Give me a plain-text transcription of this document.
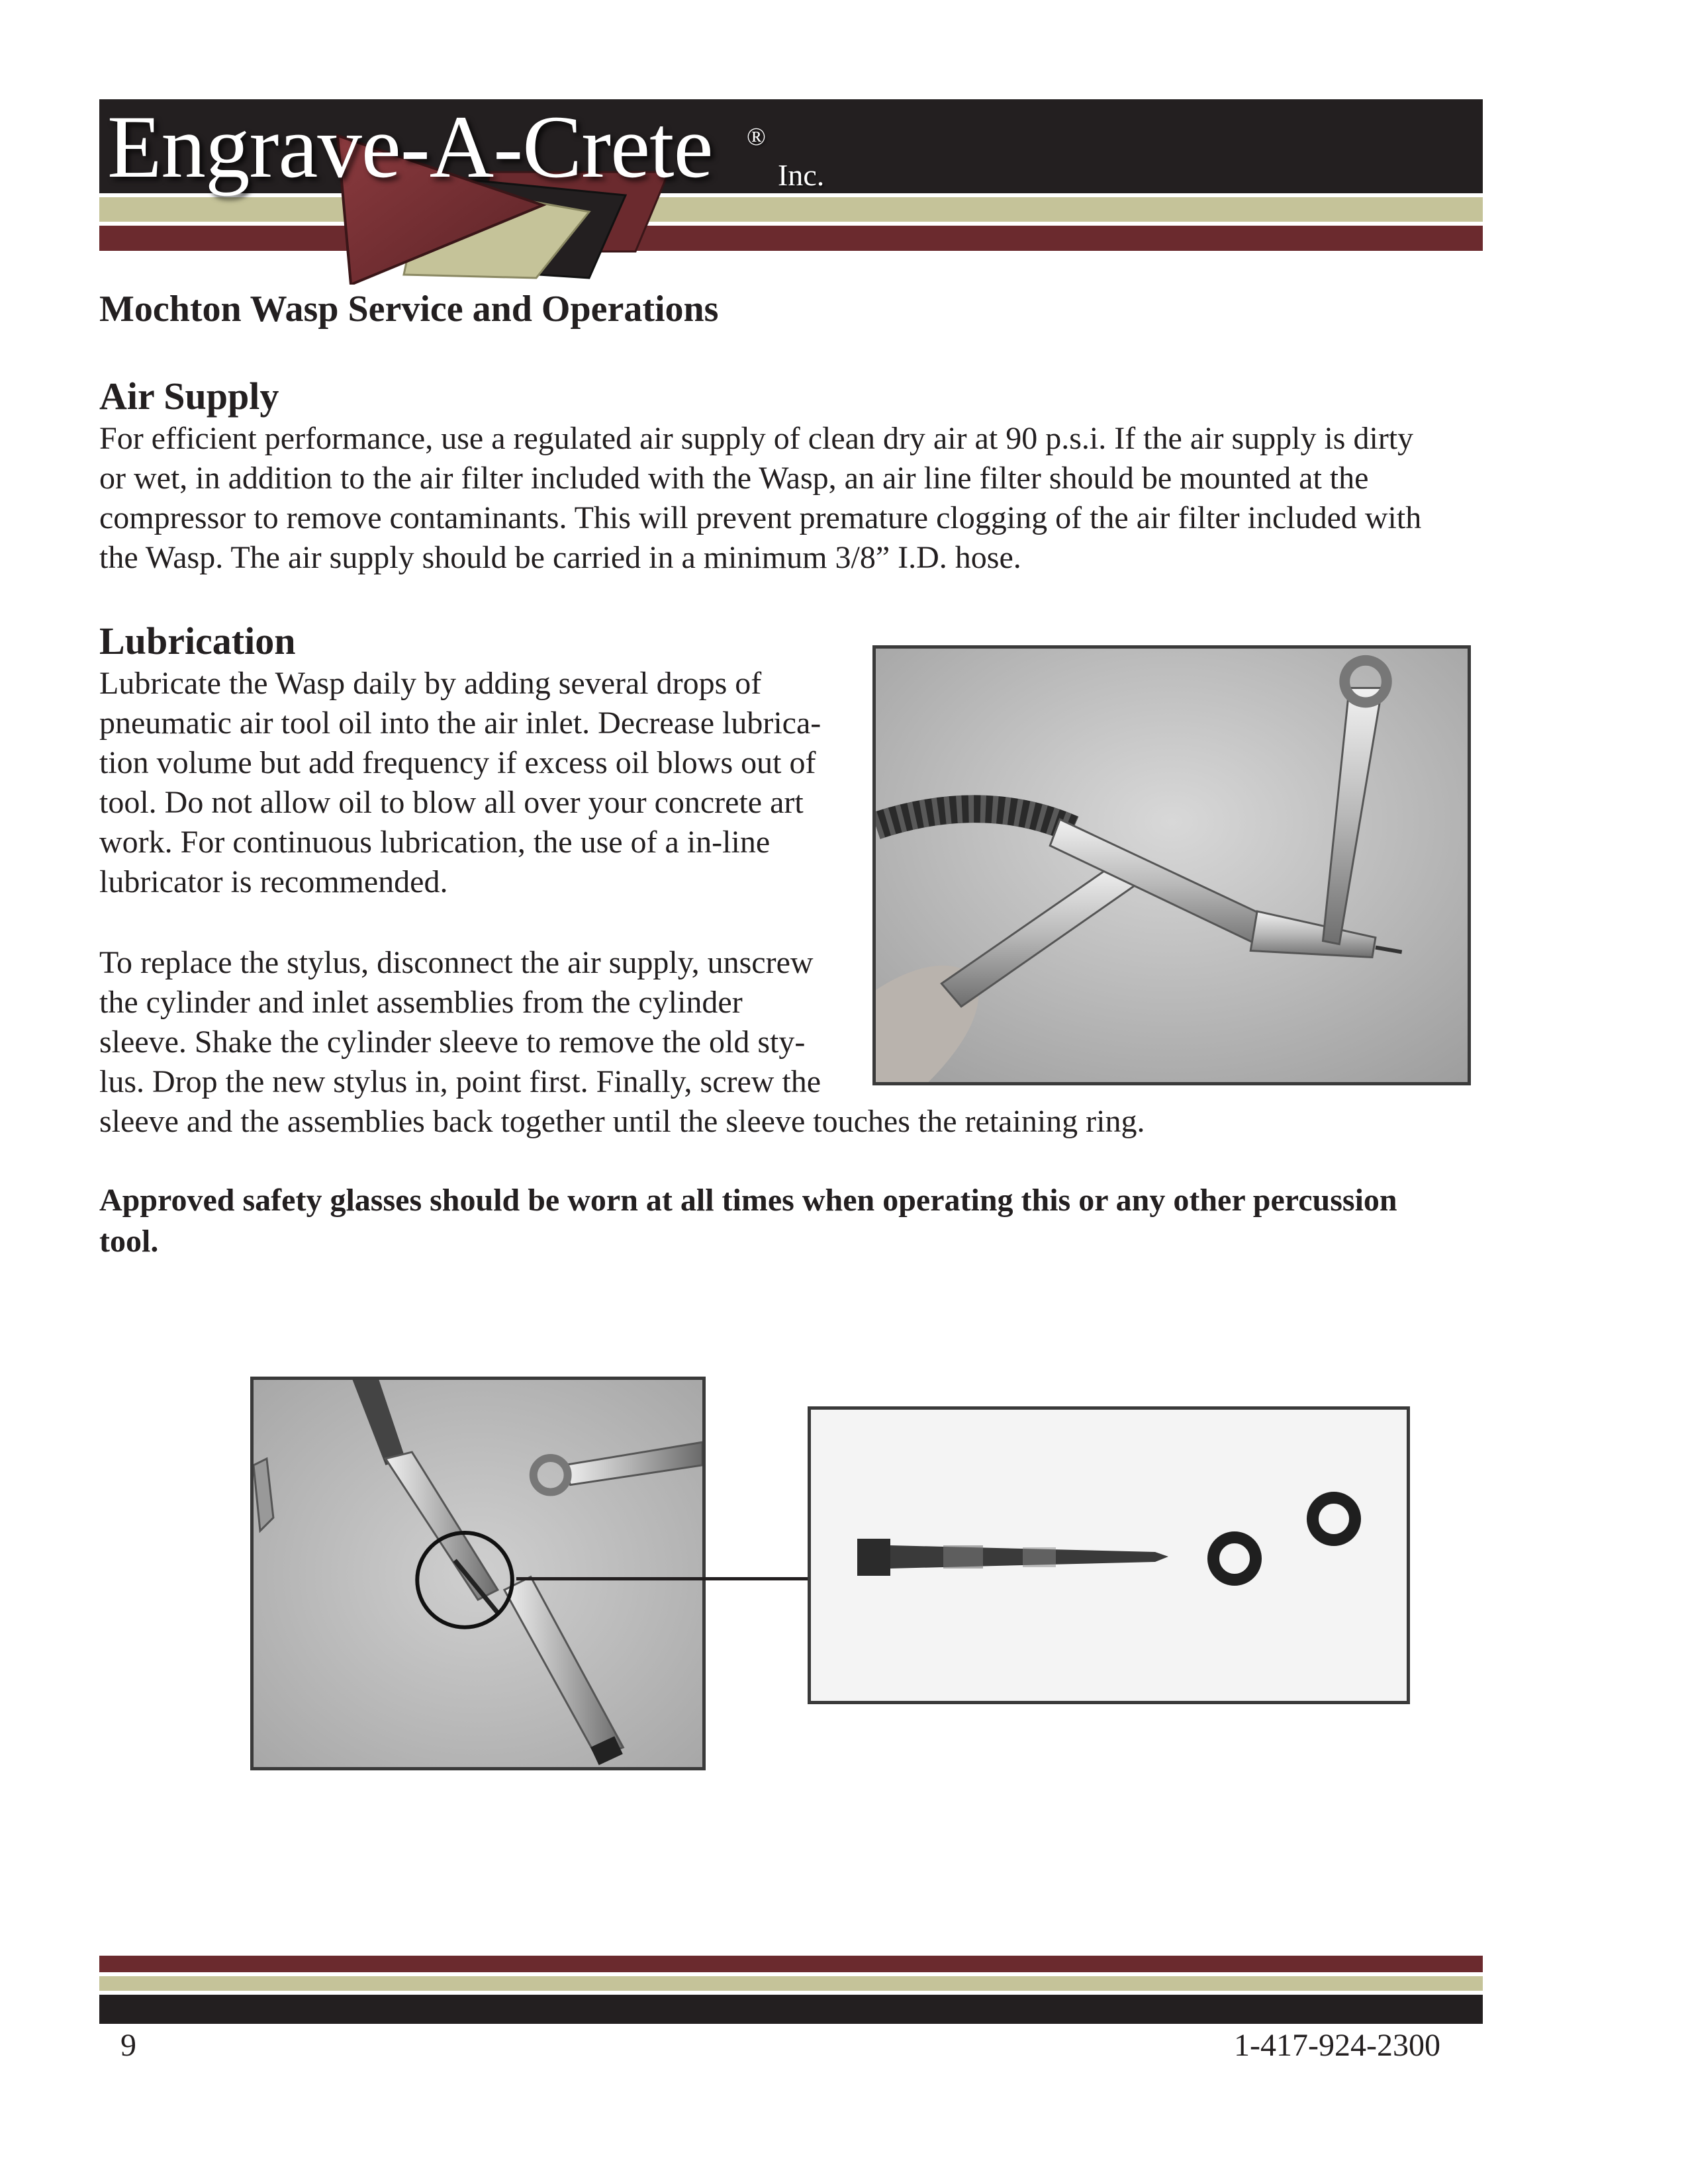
Engrave-A-Crete ®
Inc.
Mochton Wasp Service and Operations
Air Supply
For efficient performance, use a regulated air supply of clean dry air at 90 p.s.i. If the air supply is dirty
or wet, in addition to the air filter included with the Wasp, an air line filter should be mounted at the
compressor to remove contaminants. This will prevent premature clogging of the air filter included with
the Wasp. The air supply should be carried in a minimum 3/8” I.D. hose.
Lubrication
Lubricate the Wasp daily by adding several drops of
pneumatic air tool oil into the air inlet. Decrease lubrica-
tion volume but add frequency if excess oil blows out of
tool. Do not allow oil to blow all over your concrete art
work. For continuous lubrication, the use of a in-line
lubricator is recommended.
To replace the stylus, disconnect the air supply, unscrew
the cylinder and inlet assemblies from the cylinder
sleeve. Shake the cylinder sleeve to remove the old sty-
lus. Drop the new stylus in, point first. Finally, screw the
sleeve and the assemblies back together until the sleeve touches the retaining ring.
Approved safety glasses should be worn at all times when operating this or any other percussion
tool.
9	1-417-924-2300
